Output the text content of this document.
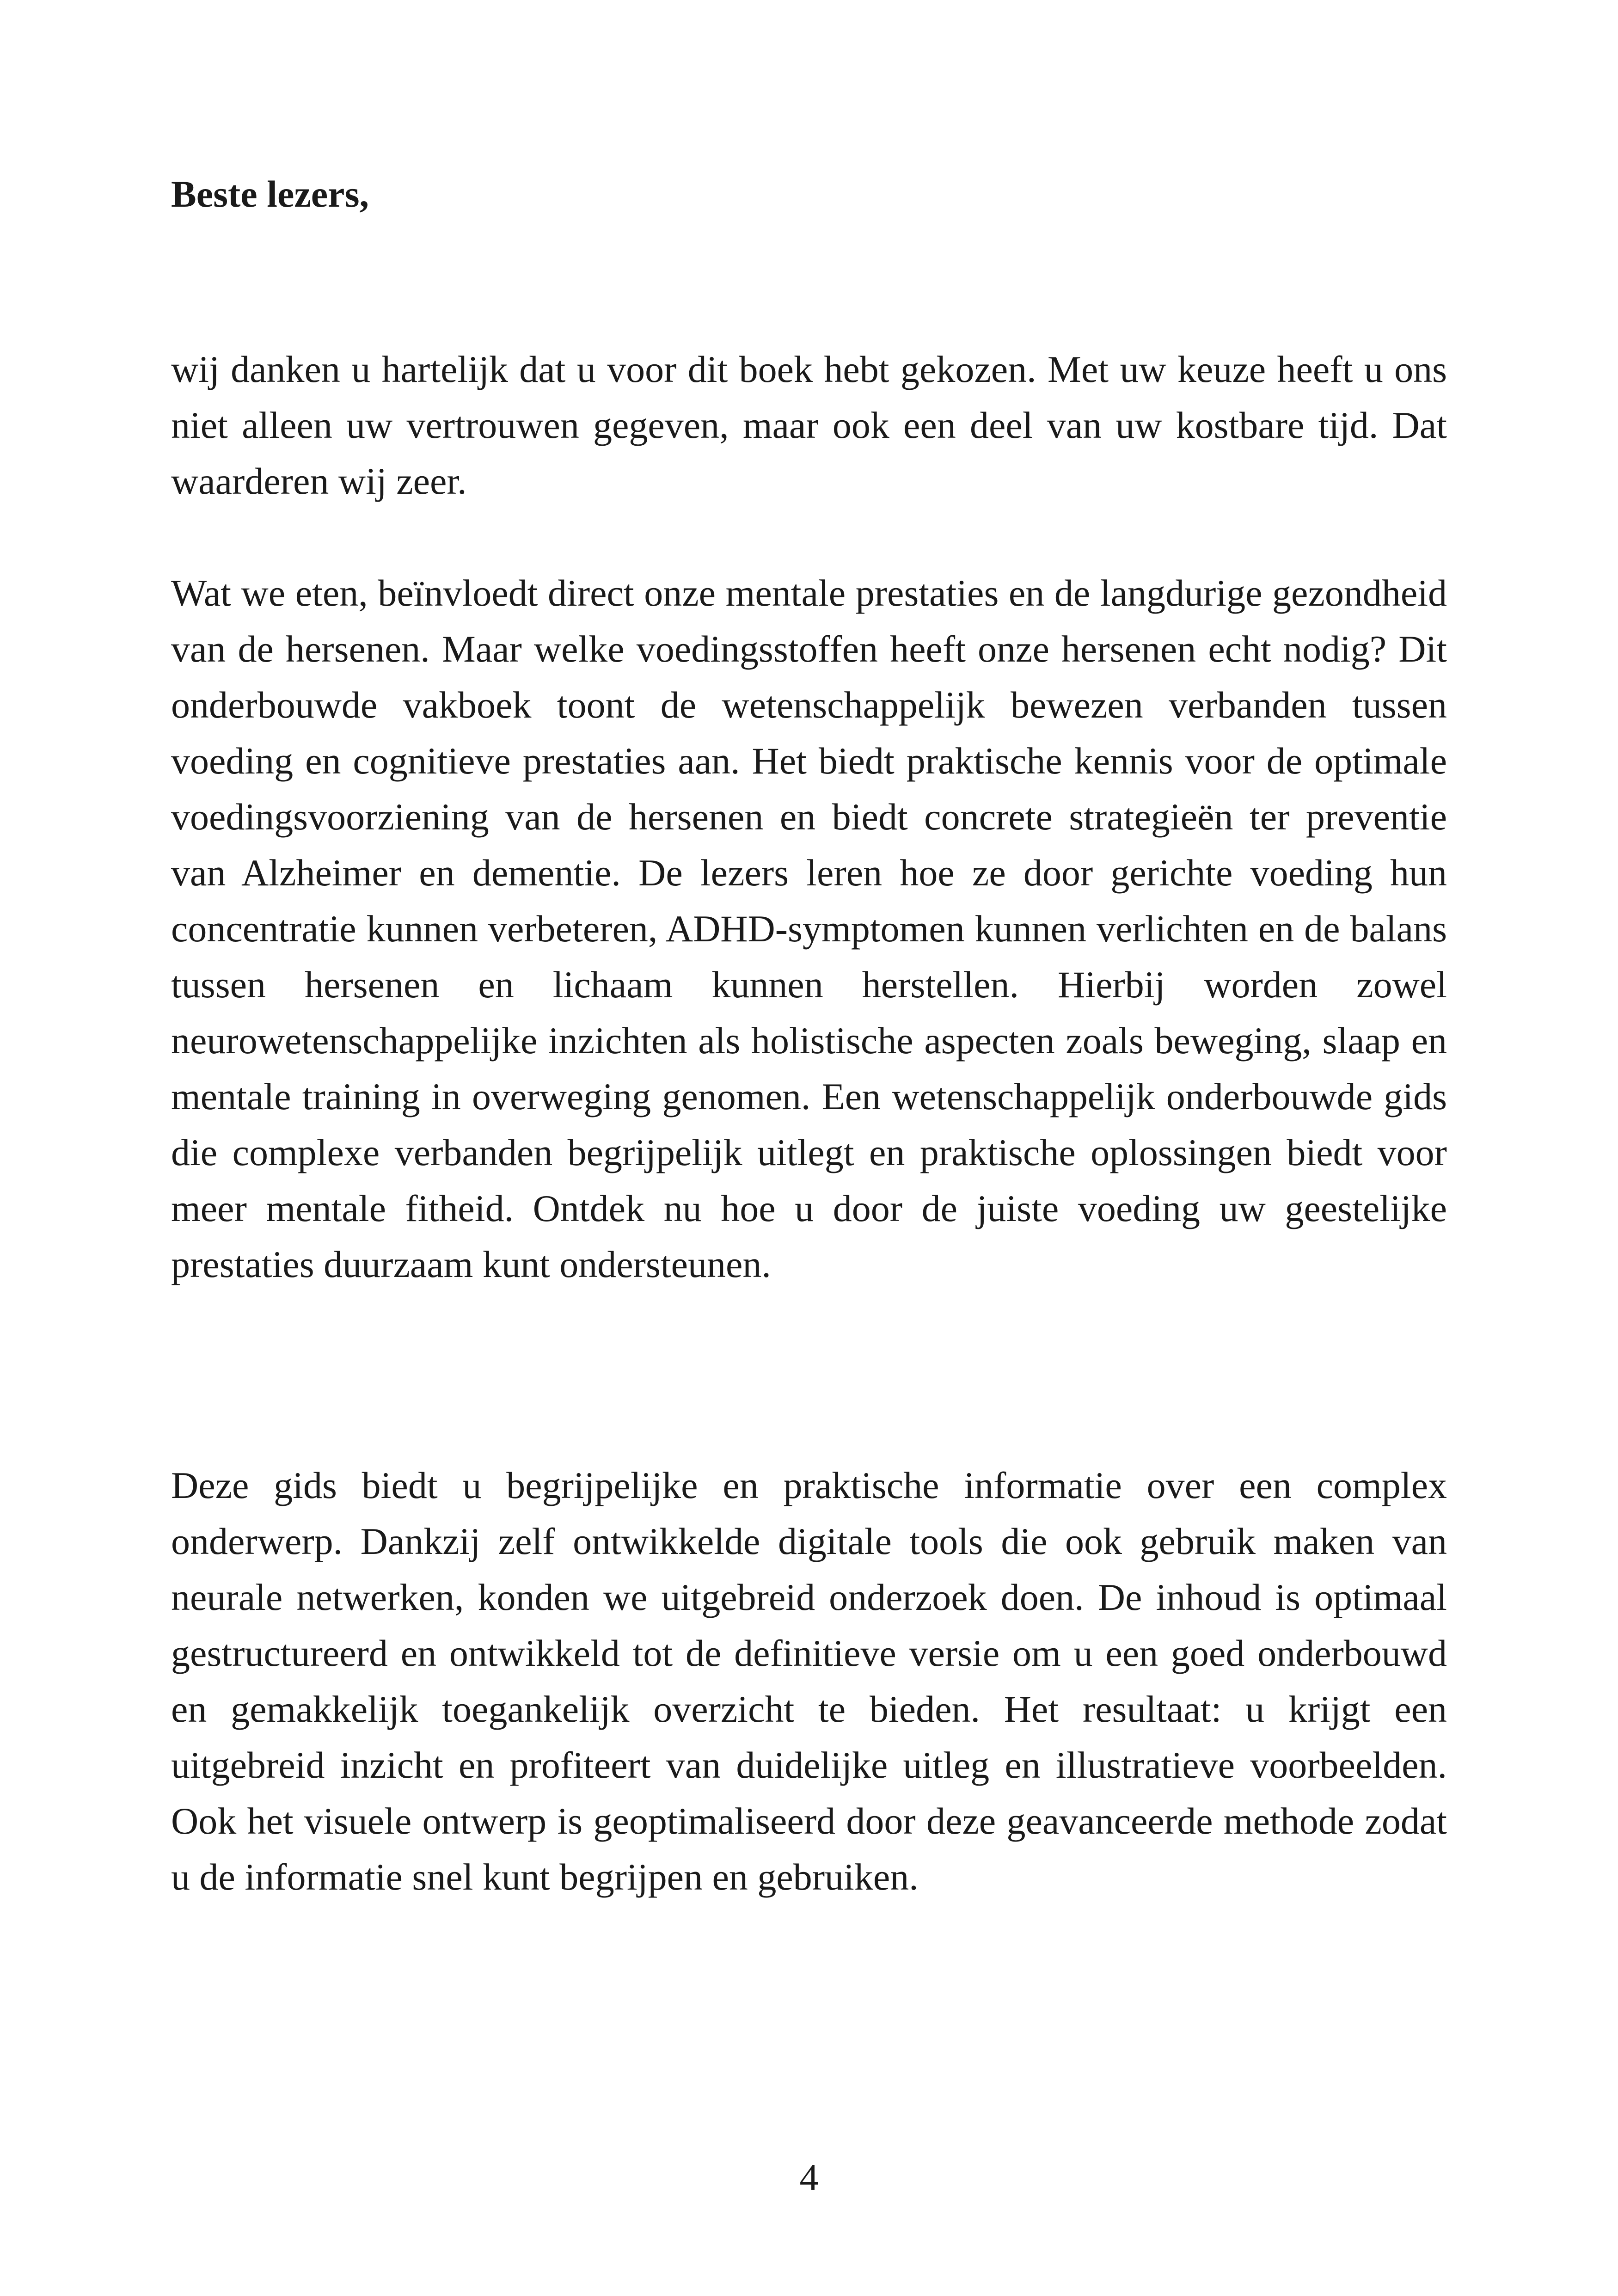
Beste lezers,

wij danken u hartelijk dat u voor dit boek hebt gekozen. Met uw keuze heeft u ons niet alleen uw vertrouwen gegeven, maar ook een deel van uw kostbare tijd. Dat waarderen wij zeer.

Wat we eten, beïnvloedt direct onze mentale prestaties en de langdurige gezondheid van de hersenen. Maar welke voedingsstoffen heeft onze hersenen echt nodig? Dit onderbouwde vakboek toont de wetenschappelijk bewezen verbanden tussen voeding en cognitieve prestaties aan. Het biedt praktische kennis voor de optimale voedingsvoorziening van de hersenen en biedt concrete strategieën ter preventie van Alzheimer en dementie. De lezers leren hoe ze door gerichte voeding hun concentratie kunnen verbeteren, ADHD-symptomen kunnen verlichten en de balans tussen hersenen en lichaam kunnen herstellen. Hierbij worden zowel neurowetenschappelijke inzichten als holistische aspecten zoals beweging, slaap en mentale training in overweging genomen. Een wetenschappelijk onderbouwde gids die complexe verbanden begrijpelijk uitlegt en praktische oplossingen biedt voor meer mentale fitheid. Ontdek nu hoe u door de juiste voeding uw geestelijke prestaties duurzaam kunt ondersteunen.

Deze gids biedt u begrijpelijke en praktische informatie over een complex onderwerp. Dankzij zelf ontwikkelde digitale tools die ook gebruik maken van neurale netwerken, konden we uitgebreid onderzoek doen. De inhoud is optimaal gestructureerd en ontwikkeld tot de definitieve versie om u een goed onderbouwd en gemakkelijk toegankelijk overzicht te bieden. Het resultaat: u krijgt een uitgebreid inzicht en profiteert van duidelijke uitleg en illustratieve voorbeelden. Ook het visuele ontwerp is geoptimaliseerd door deze geavanceerde methode zodat u de informatie snel kunt begrijpen en gebruiken.

4
